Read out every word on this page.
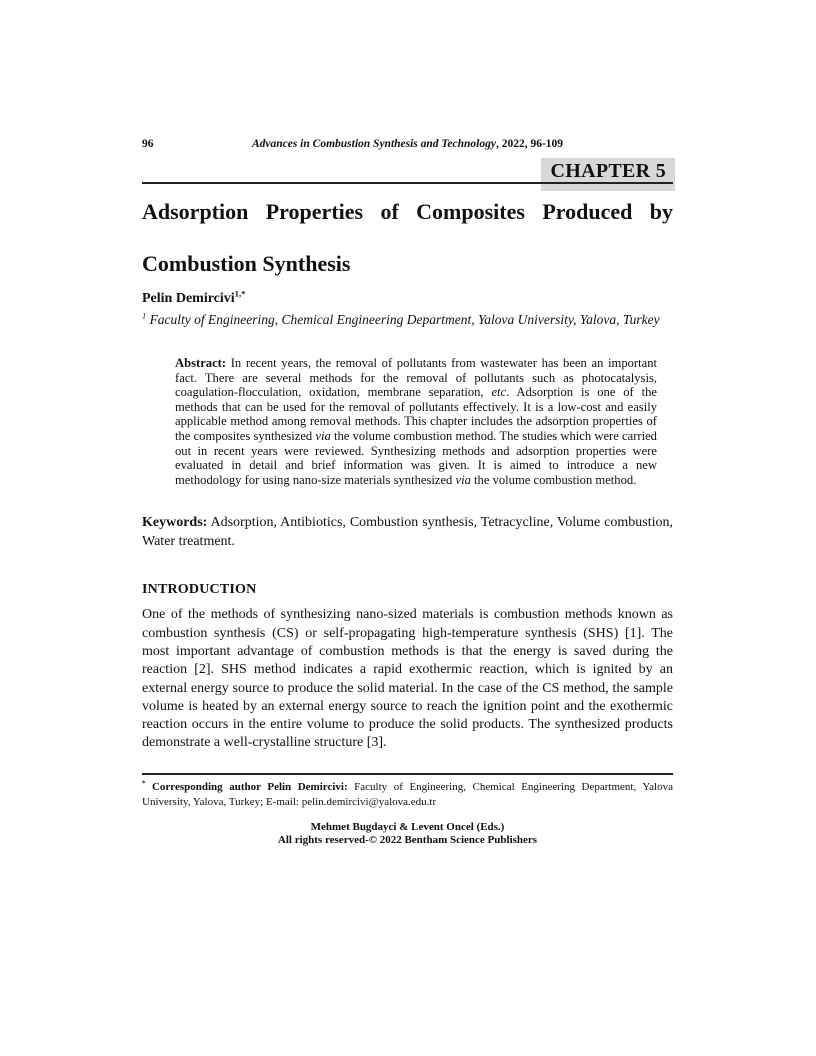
96	Advances in Combustion Synthesis and Technology, 2022, 96-109
CHAPTER 5
Adsorption Properties of Composites Produced by
Combustion Synthesis
Pelin Demircivi$^{1,*}$
$^1$ Faculty of Engineering, Chemical Engineering Department, Yalova University, Yalova, Turkey
Abstract: In recent years, the removal of pollutants from wastewater has been an important fact. There are several methods for the removal of pollutants such as photocatalysis, coagulation-flocculation, oxidation, membrane separation, etc. Adsorption is one of the methods that can be used for the removal of pollutants effectively. It is a low-cost and easily applicable method among removal methods. This chapter includes the adsorption properties of the composites synthesized via the volume combustion method. The studies which were carried out in recent years were reviewed. Synthesizing methods and adsorption properties were evaluated in detail and brief information was given. It is aimed to introduce a new methodology for using nano-size materials synthesized via the volume combustion method.
Keywords: Adsorption, Antibiotics, Combustion synthesis, Tetracycline, Volume combustion, Water treatment.
INTRODUCTION

One of the methods of synthesizing nano-sized materials is combustion methods known as combustion synthesis (CS) or self-propagating high-temperature synthesis (SHS) [1]. The most important advantage of combustion methods is that the energy is saved during the reaction [2]. SHS method indicates a rapid exothermic reaction, which is ignited by an external energy source to produce the solid material. In the case of the CS method, the sample volume is heated by an external energy source to reach the ignition point and the exothermic reaction occurs in the entire volume to produce the solid products. The synthesized products demonstrate a well-crystalline structure [3].

* Corresponding author Pelin Demircivi: Faculty of Engineering, Chemical Engineering Department, Yalova University, Yalova, Turkey; E-mail: pelin.demircivi@yalova.edu.tr
Mehmet Bugdayci & Levent Oncel (Eds.)
All rights reserved-© 2022 Bentham Science Publishers
